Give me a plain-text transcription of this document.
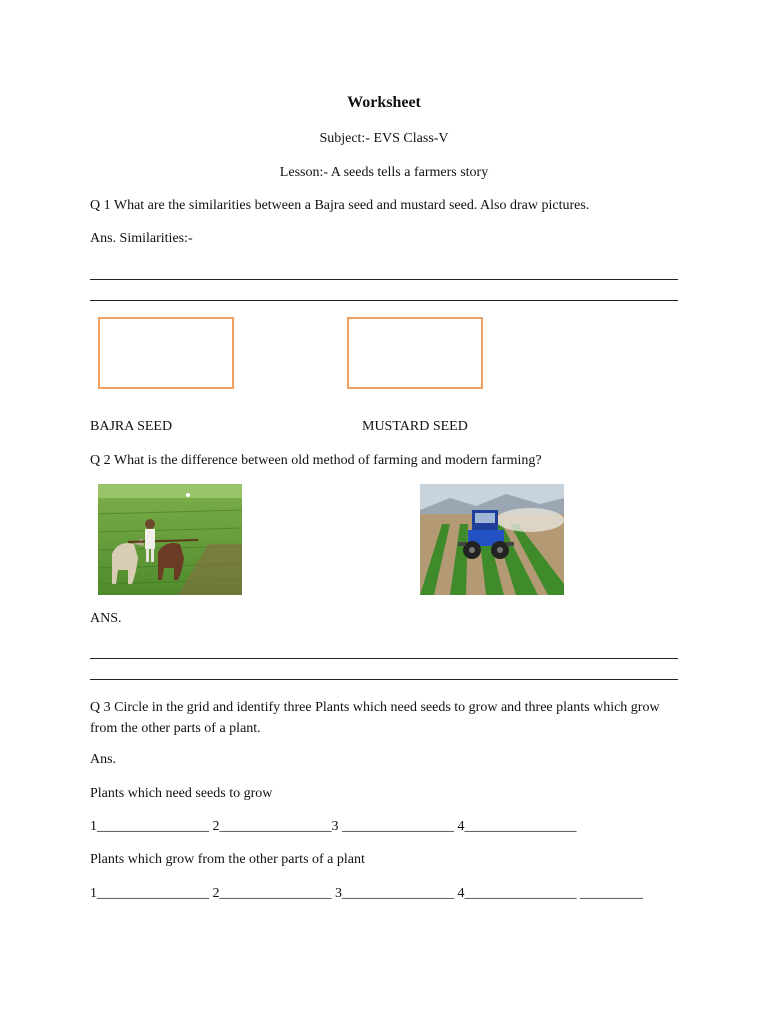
Worksheet
Subject:- EVS Class-V
Lesson:- A seeds tells a farmers story
Q 1 What are the similarities between a Bajra seed and mustard seed. Also draw pictures.
Ans. Similarities:-
BAJRA SEED	MUSTARD SEED
Q 2 What is the difference between old method of farming and modern farming?
ANS.
Q 3 Circle in the grid and identify three Plants which need seeds to grow and three plants which grow from the other parts of a plant.
Ans.
Plants which need seeds to grow
1________________ 2________________3 ________________ 4________________
Plants which grow from the other parts of a plant
1________________ 2________________ 3________________ 4________________ _________
